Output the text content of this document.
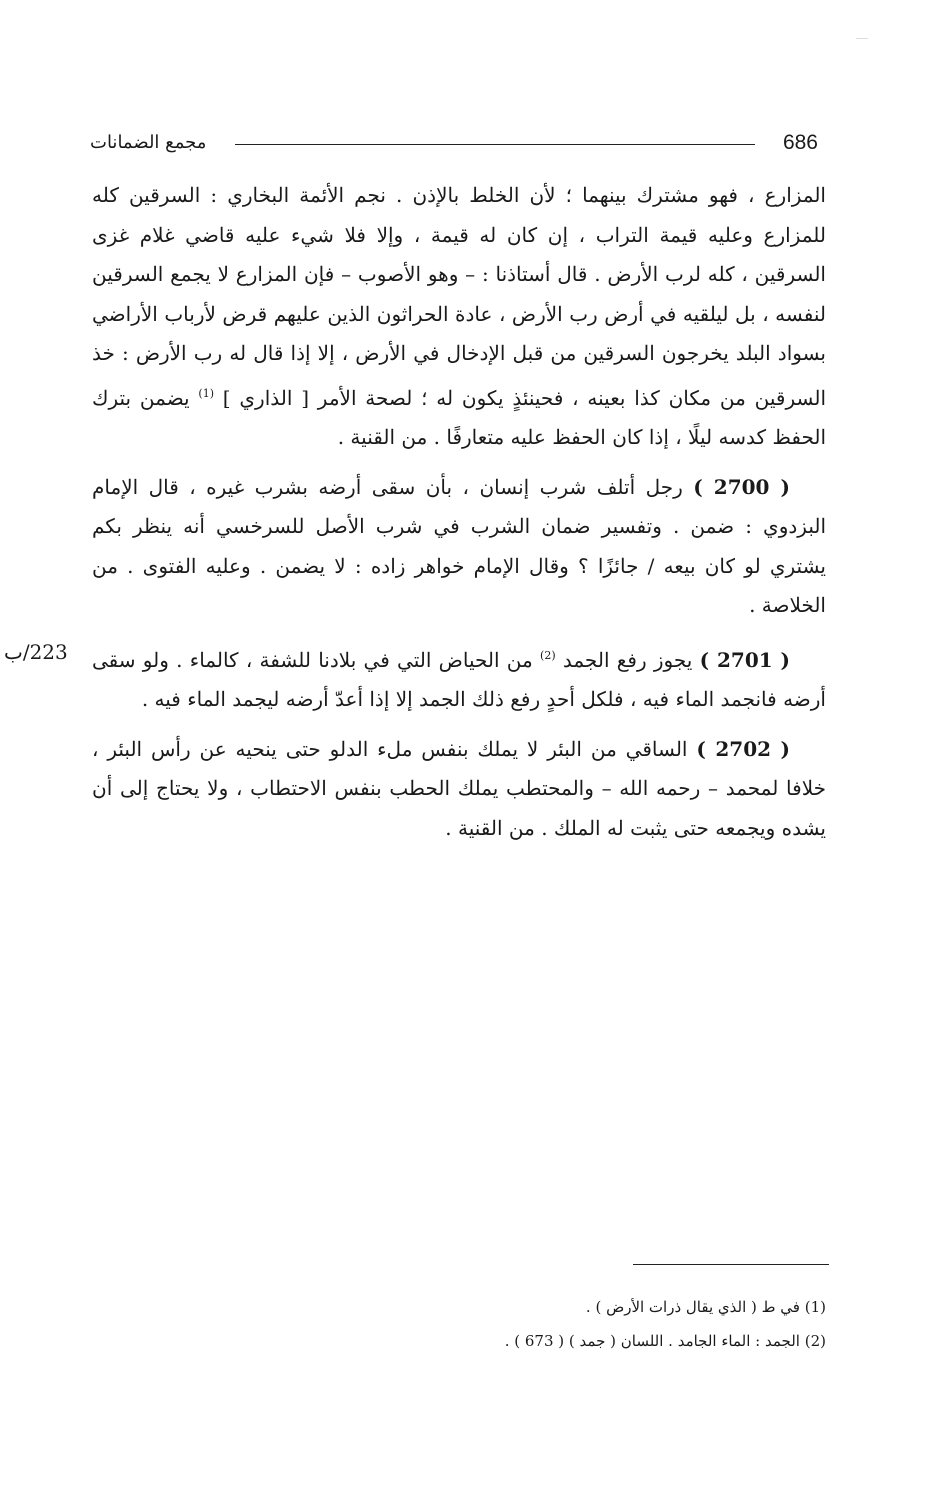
686
مجمع الضمانات

المزارع ، فهو مشترك بينهما ؛ لأن الخلط بالإذن . نجم الأئمة البخاري : السرقين كله للمزارع وعليه قيمة التراب ، إن كان له قيمة ، وإلا فلا شيء عليه قاضي غلام غزى السرقين ، كله لرب الأرض . قال أستاذنا : – وهو الأصوب – فإن المزارع لا يجمع السرقين لنفسه ، بل ليلقيه في أرض رب الأرض ، عادة الحراثون الذين عليهم قرض لأرباب الأراضي بسواد البلد يخرجون السرقين من قبل الإدخال في الأرض ، إلا إذا قال له رب الأرض : خذ السرقين من مكان كذا بعينه ، فحينئذٍ يكون له ؛ لصحة الأمر [ الذاري ] $^{(1)}$ يضمن بترك الحفظ كدسه ليلًا ، إذا كان الحفظ عليه متعارفًا . من القنية .

( 2700 ) رجل أتلف شرب إنسان ، بأن سقى أرضه بشرب غيره ، قال الإمام البزدوي : ضمن . وتفسير ضمان الشرب في شرب الأصل للسرخسي أنه ينظر بكم يشتري لو كان بيعه / جائزًا ؟ وقال الإمام خواهر زاده : لا يضمن . وعليه الفتوى . من الخلاصة .

( 2701 ) يجوز رفع الجمد $^{(2)}$ من الحياض التي في بلادنا للشفة ، كالماء . ولو سقى أرضه فانجمد الماء فيه ، فلكل أحدٍ رفع ذلك الجمد إلا إذا أعدّ أرضه ليجمد الماء فيه .

( 2702 ) الساقي من البئر لا يملك بنفس ملء الدلو حتى ينحيه عن رأس البئر ، خلافا لمحمد – رحمه الله – والمحتطب يملك الحطب بنفس الاحتطاب ، ولا يحتاج إلى أن يشده ويجمعه حتى يثبت له الملك . من القنية .

223/ب

(1) في ط ( الذي يقال ذرات الأرض ) .

(2) الجمد : الماء الجامد . اللسان ( جمد ) ( 673 ) .
